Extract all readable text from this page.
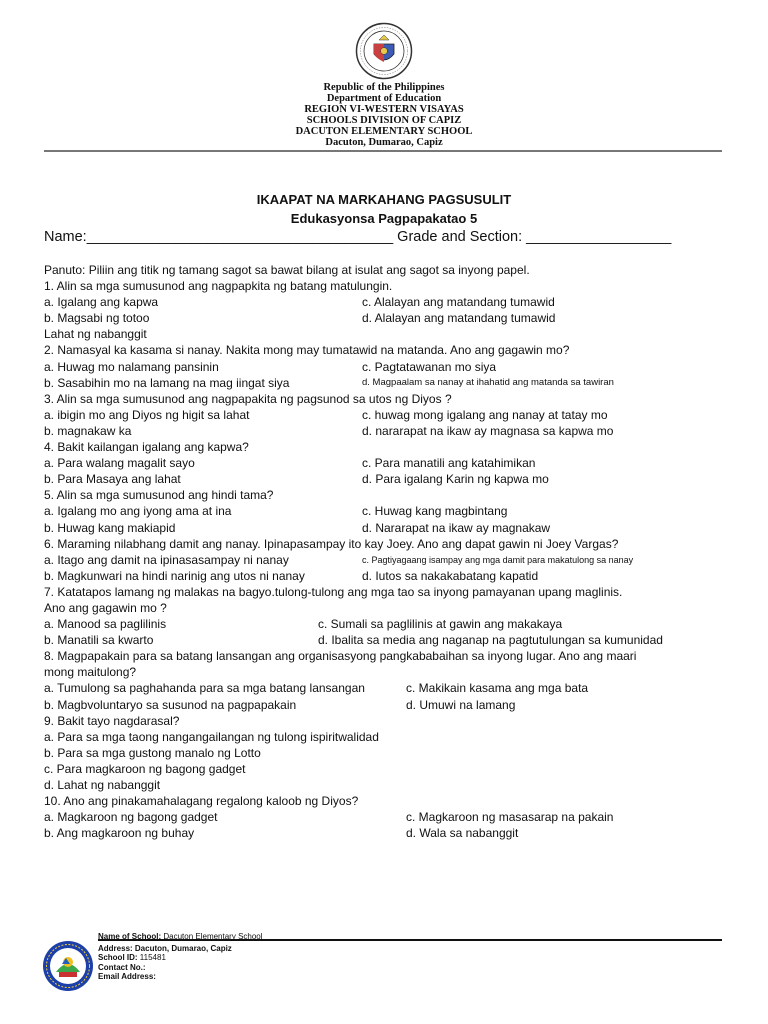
Republic of the Philippines
Department of Education
REGION VI-WESTERN VISAYAS
SCHOOLS DIVISION OF CAPIZ
DACUTON ELEMENTARY SCHOOL
Dacuton, Dumarao, Capiz
IKAAPAT NA MARKAHANG PAGSUSULIT
Edukasyonsa Pagpapakatao 5
Name:______________________________________ Grade and Section: __________________
Panuto: Piliin ang titik ng tamang sagot sa bawat bilang at isulat ang sagot sa inyong papel.
1. Alin sa mga sumusunod ang nagpapkita ng batang matulungin.
a. Igalang ang kapwa	c. Alalayan ang matandang tumawid
b. Magsabi ng totoo	d. Alalayan ang matandang tumawid
Lahat ng nabanggit
2. Namasyal ka kasama si nanay. Nakita mong may tumatawid na matanda. Ano ang gagawin mo?
a. Huwag mo nalamang pansinin	c. Pagtatawanan mo siya
b. Sasabihin mo na lamang na mag iingat siya	d. Magpaalam sa nanay at ihahatid ang matanda sa tawiran
3. Alin sa mga sumusunod ang nagpapakita ng pagsunod sa utos ng Diyos ?
a. ibigin mo ang Diyos ng higit sa lahat	c. huwag mong igalang ang nanay at tatay mo
b. magnakaw ka	d. nararapat na ikaw ay magnasa sa kapwa mo
4. Bakit kailangan igalang ang kapwa?
a. Para walang magalit sayo	c. Para manatili ang katahimikan
b. Para Masaya ang lahat	d. Para igalang Karin ng kapwa mo
5. Alin sa mga sumusunod ang hindi tama?
a. Igalang mo ang iyong ama at ina	c. Huwag kang magbintang
b. Huwag kang makiapid	d. Nararapat na ikaw ay magnakaw
6. Maraming nilabhang damit ang nanay. Ipinapasampay ito kay Joey. Ano ang dapat gawin ni Joey Vargas?
a. Itago ang damit na ipinasasampay ni nanay	c. Pagtiyagaang isampay ang mga damit para makatulong sa nanay
b. Magkunwari na hindi narinig ang utos ni nanay	d. Iutos sa nakakabatang kapatid
7. Katatapos lamang ng malakas na bagyo.tulong-tulong ang mga tao sa inyong pamayanan upang maglinis.
Ano ang gagawin mo ?
a. Manood sa paglilinis	c. Sumali sa paglilinis at gawin ang makakaya
b. Manatili sa kwarto	d. Ibalita sa media ang naganap na pagtutulungan sa kumunidad
8. Magpapakain para sa batang lansangan ang organisasyong pangkababaihan sa inyong lugar. Ano ang maari
mong maitulong?
a. Tumulong sa paghahanda para sa mga batang lansangan	c. Makikain kasama ang mga bata
b. Magbvoluntaryo sa susunod na pagpapakain	d. Umuwi na lamang
9. Bakit tayo nagdarasal?
a. Para sa mga taong nangangailangan ng tulong ispiritwalidad
b. Para sa mga gustong manalo ng Lotto
c. Para magkaroon ng bagong gadget
d. Lahat ng nabanggit
10. Ano ang pinakamahalagang regalong kaloob ng Diyos?
a. Magkaroon ng bagong gadget	c. Magkaroon ng masasarap na pakain
b. Ang magkaroon ng buhay	d. Wala sa nabanggit
Name of School: Dacuton Elementary School
Address: Dacuton, Dumarao, Capiz
School ID: 115481
Contact No.:
Email Address:
